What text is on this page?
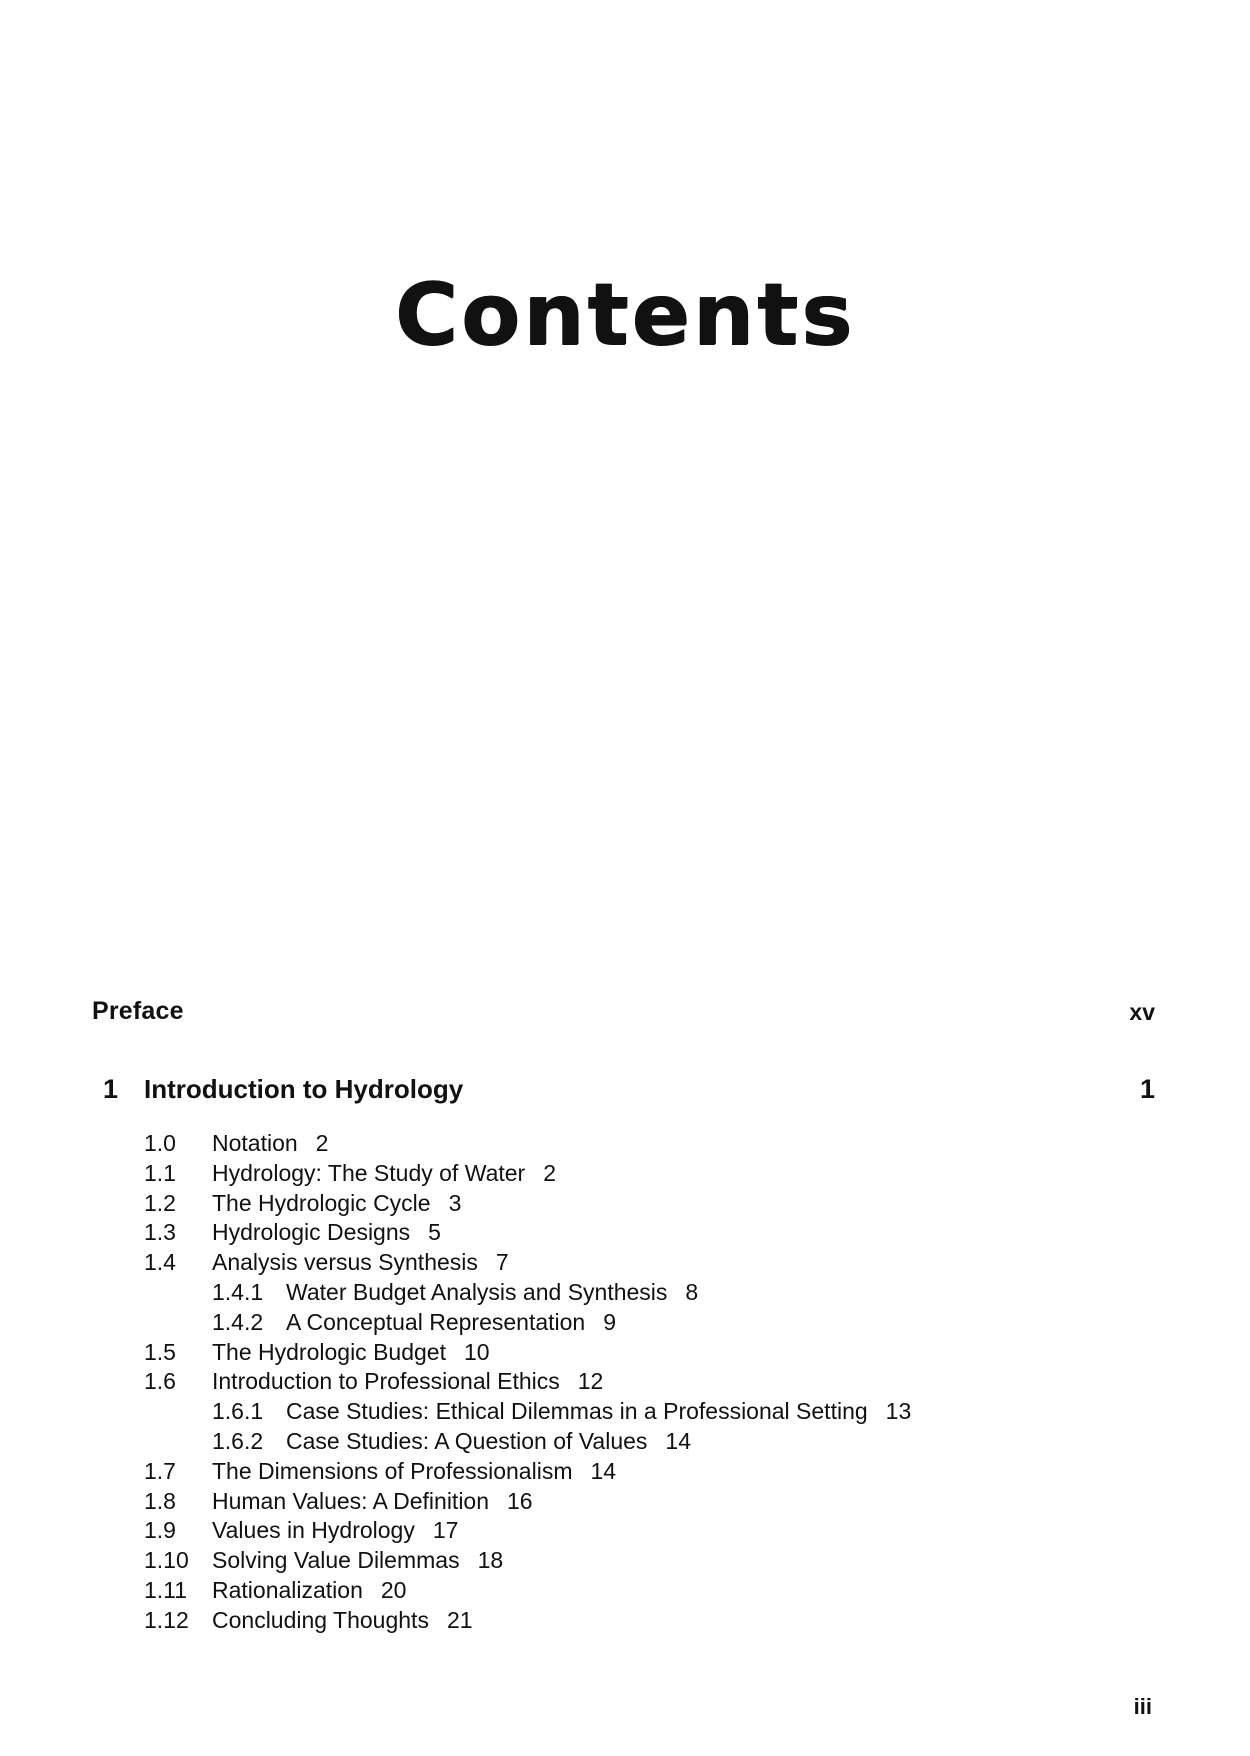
Contents
Preface	xv
1 Introduction to Hydrology	1
1.0 Notation 2
1.1 Hydrology: The Study of Water 2
1.2 The Hydrologic Cycle 3
1.3 Hydrologic Designs 5
1.4 Analysis versus Synthesis 7
1.4.1 Water Budget Analysis and Synthesis 8
1.4.2 A Conceptual Representation 9
1.5 The Hydrologic Budget 10
1.6 Introduction to Professional Ethics 12
1.6.1 Case Studies: Ethical Dilemmas in a Professional Setting 13
1.6.2 Case Studies: A Question of Values 14
1.7 The Dimensions of Professionalism 14
1.8 Human Values: A Definition 16
1.9 Values in Hydrology 17
1.10 Solving Value Dilemmas 18
1.11 Rationalization 20
1.12 Concluding Thoughts 21
iii
